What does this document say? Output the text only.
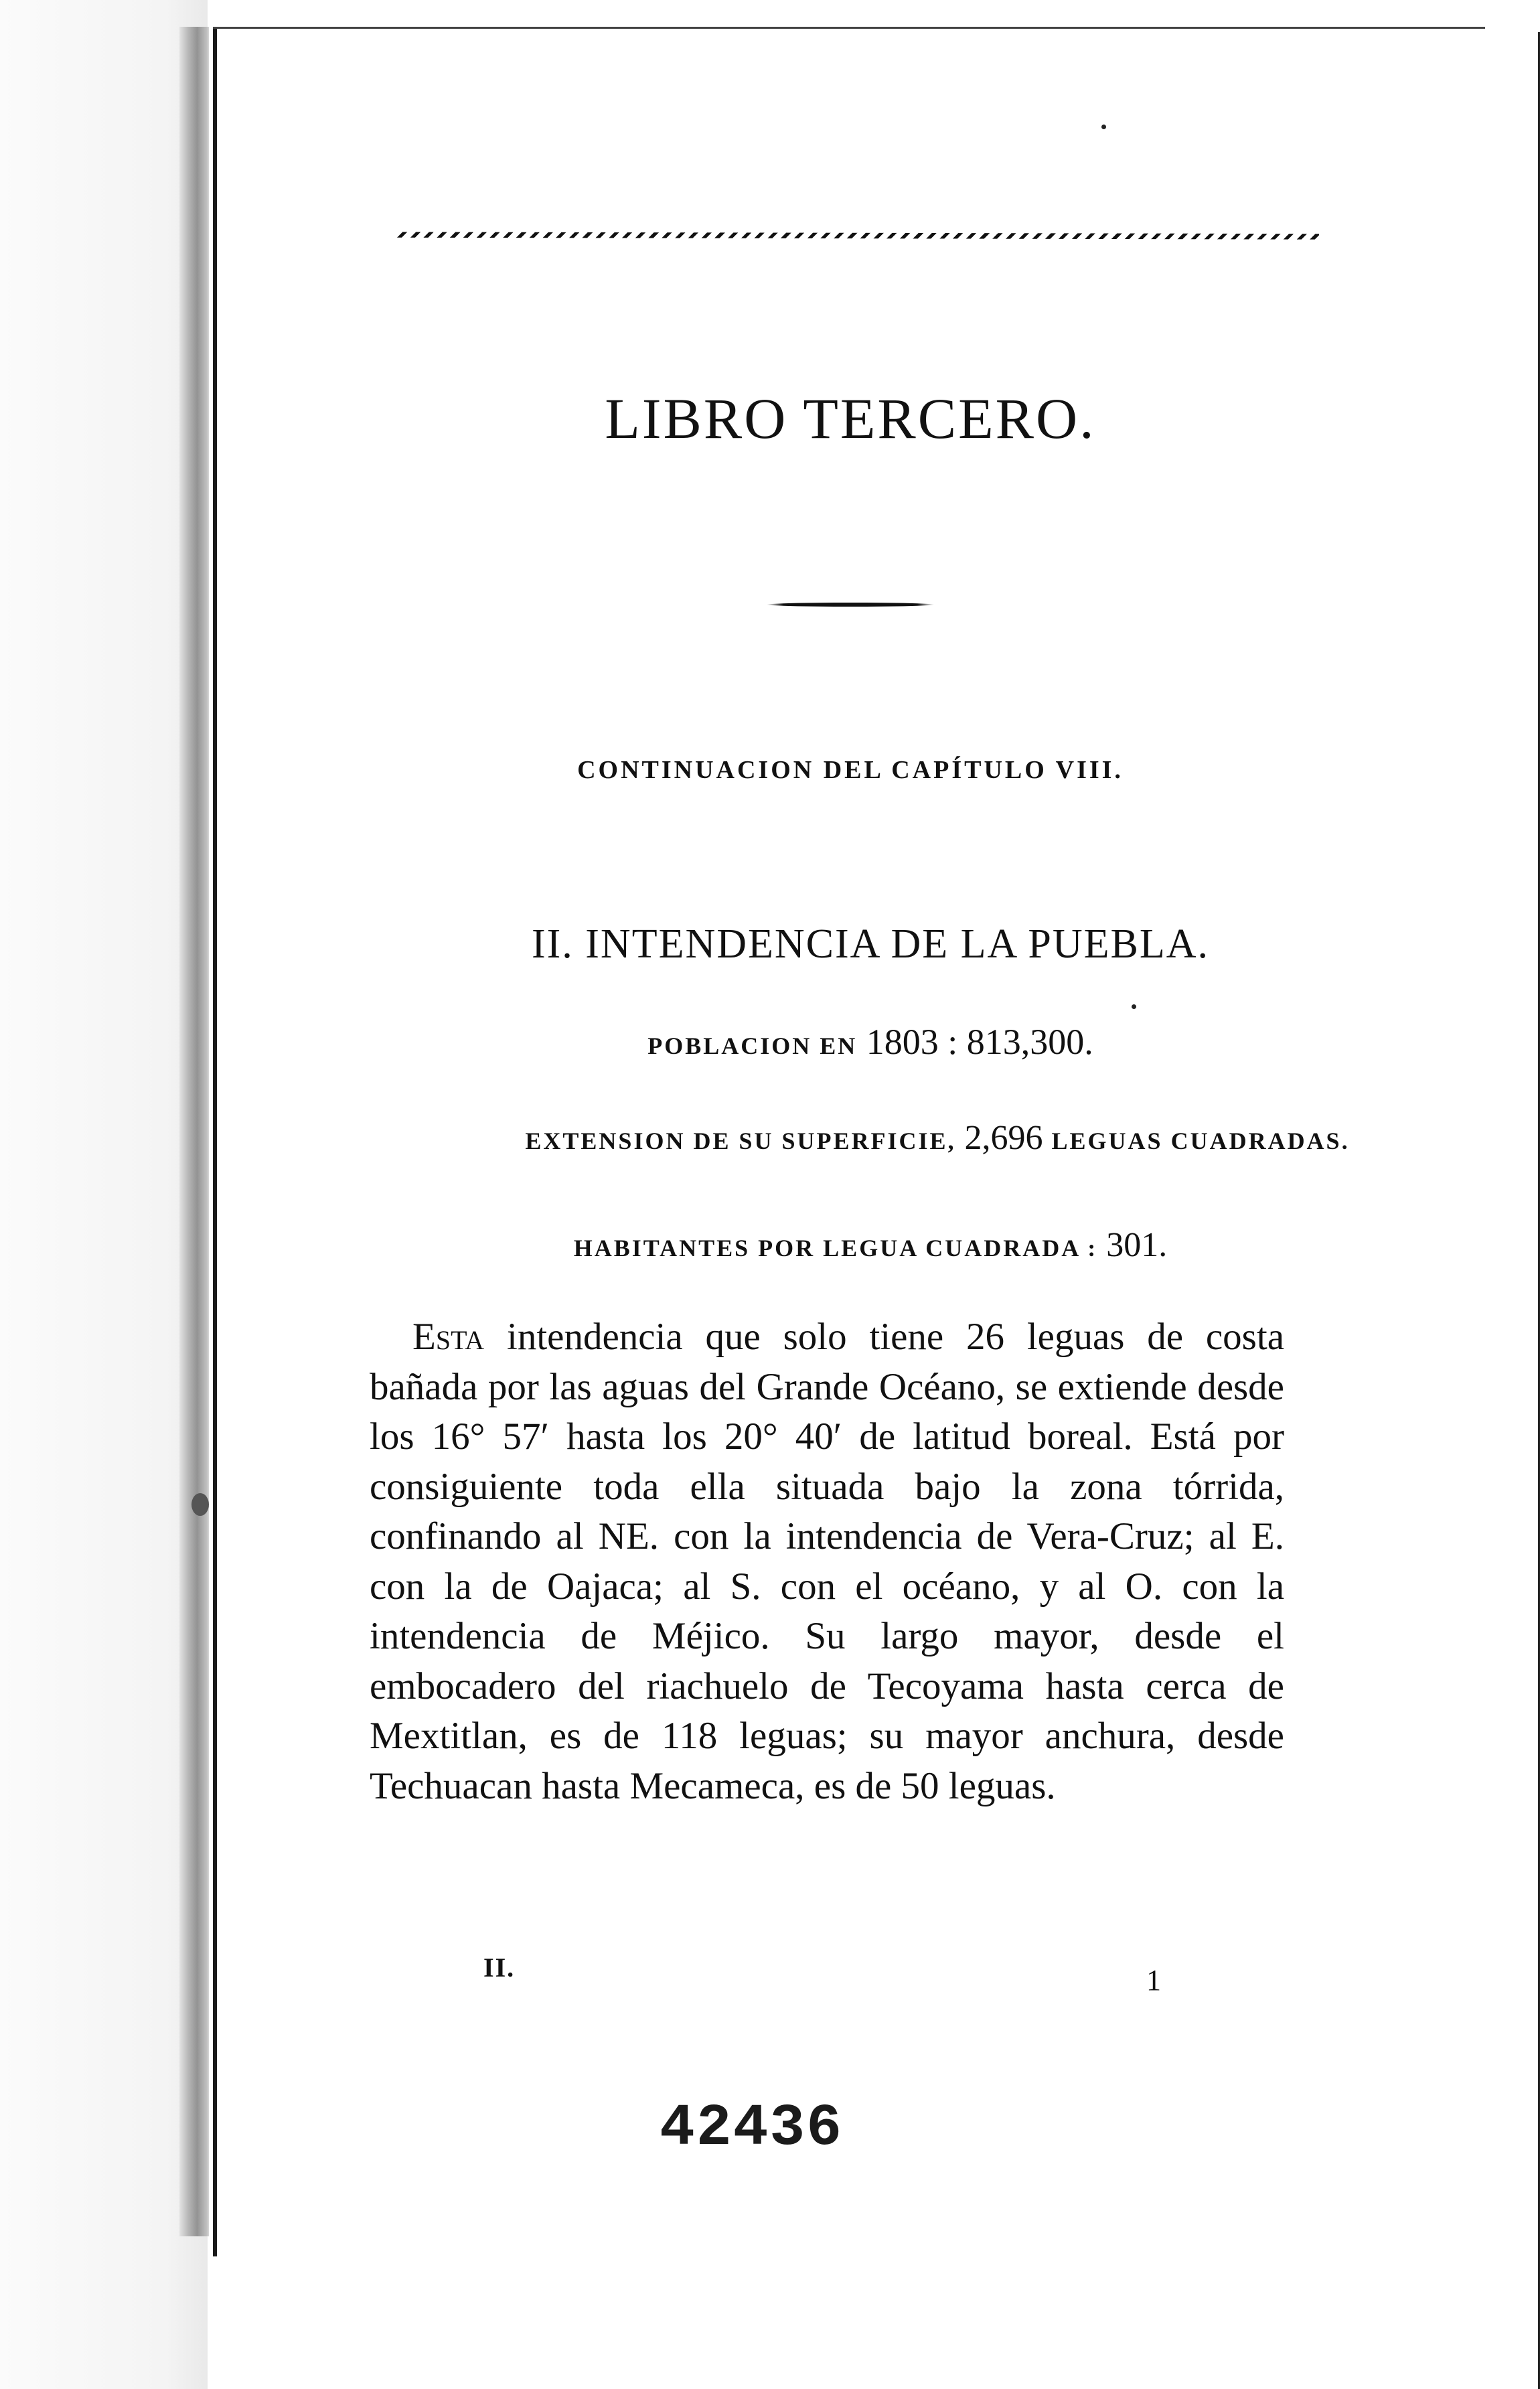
LIBRO TERCERO.
CONTINUACION DEL CAPÍTULO VIII.
II. INTENDENCIA DE LA PUEBLA.
POBLACION EN 1803 : 813,300.
EXTENSION DE SU SUPERFICIE, 2,696 LEGUAS CUADRADAS.
HABITANTES POR LEGUA CUADRADA : 301.
Esta intendencia que solo tiene 26 leguas de costa bañada por las aguas del Grande Océano, se extiende desde los 16° 57′ hasta los 20° 40′ de latitud boreal. Está por consiguiente toda ella situada bajo la zona tórrida, confinando al NE. con la intendencia de Vera-Cruz; al E. con la de Oajaca; al S. con el océano, y al O. con la intendencia de Méjico. Su largo mayor, desde el embocadero del riachuelo de Tecoyama hasta cerca de Mextitlan, es de 118 leguas; su mayor anchura, desde Techuacan hasta Mecameca, es de 50 leguas.
II.	1
42436
